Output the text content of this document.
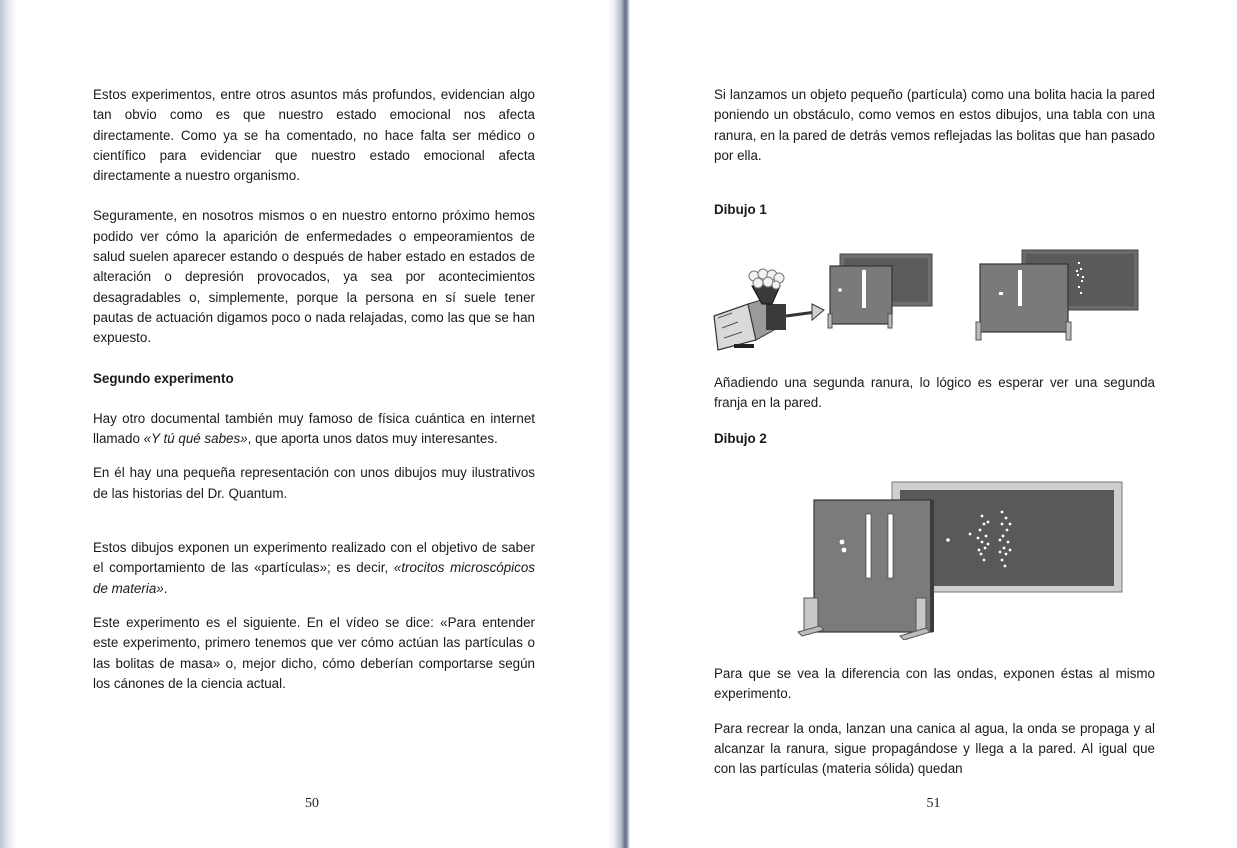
Estos experimentos, entre otros asuntos más profundos, evidencian algo tan obvio como es que nuestro estado emocional nos afecta directamente. Como ya se ha comentado, no hace falta ser médico o científico para evidenciar que nuestro estado emocional afecta directamente a nuestro organismo.

Seguramente, en nosotros mismos o en nuestro entorno próximo hemos podido ver cómo la aparición de enfermedades o empeoramientos de salud suelen aparecer estando o después de haber estado en estados de alteración o depresión provocados, ya sea por acontecimientos desagradables o, simplemente, porque la persona en sí suele tener pautas de actuación digamos poco o nada relajadas, como las que se han expuesto.

Segundo experimento

Hay otro documental también muy famoso de física cuántica en internet llamado «Y tú qué sabes», que aporta unos datos muy interesantes.

En él hay una pequeña representación con unos dibujos muy ilustrativos de las historias del Dr. Quantum.

Estos dibujos exponen un experimento realizado con el objetivo de saber el comportamiento de las «partículas»; es decir, «trocitos microscópicos de materia».

Este experimento es el siguiente. En el vídeo se dice: «Para entender este experimento, primero tenemos que ver cómo actúan las partículas o las bolitas de masa» o, mejor dicho, cómo deberían comportarse según los cánones de la ciencia actual.

50

Si lanzamos un objeto pequeño (partícula) como una bolita hacia la pared poniendo un obstáculo, como vemos en estos dibujos, una tabla con una ranura, en la pared de detrás vemos reflejadas las bolitas que han pasado por ella.

Dibujo 1

Añadiendo una segunda ranura, lo lógico es esperar ver una segunda franja en la pared.

Dibujo 2

Para que se vea la diferencia con las ondas, exponen éstas al mismo experimento.

Para recrear la onda, lanzan una canica al agua, la onda se propaga y al alcanzar la ranura, sigue propagándose y llega a la pared. Al igual que con las partículas (materia sólida) quedan

51
